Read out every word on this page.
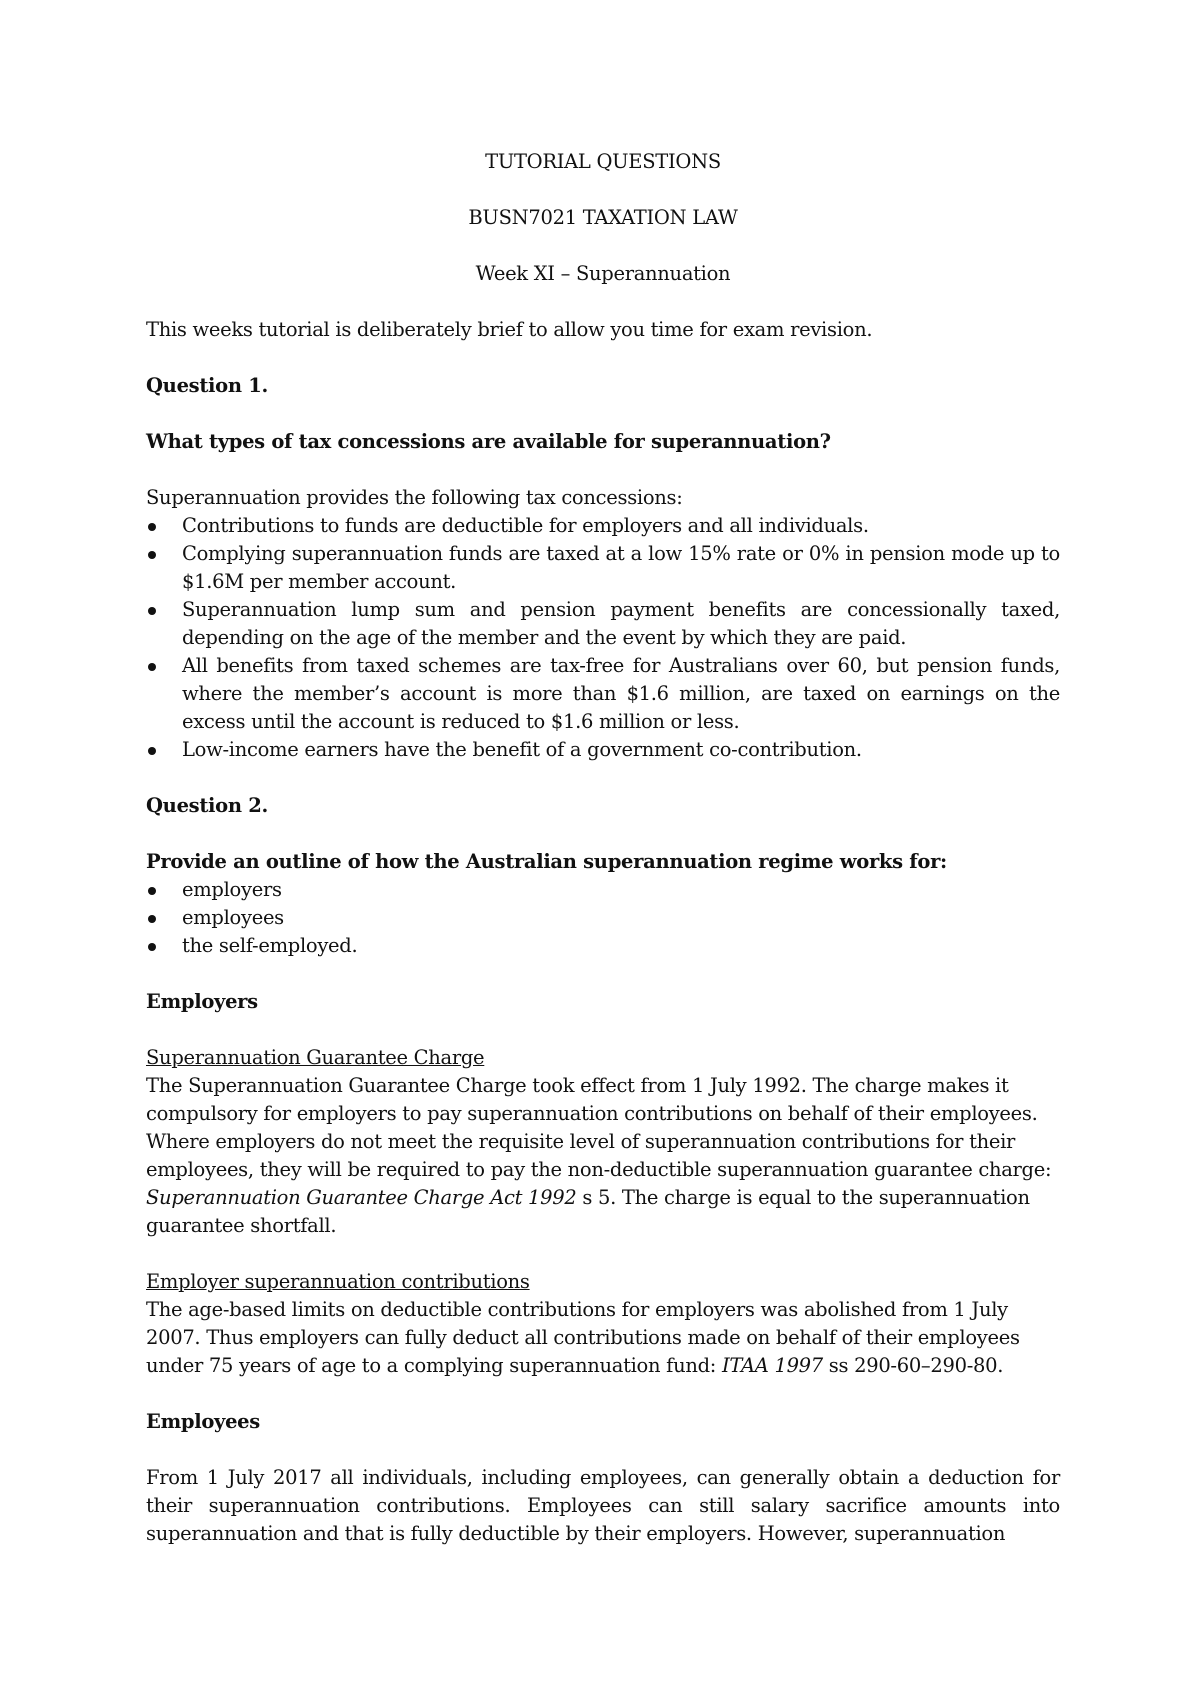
TUTORIAL QUESTIONS
BUSN7021 TAXATION LAW
Week XI – Superannuation

This weeks tutorial is deliberately brief to allow you time for exam revision.

Question 1.

What types of tax concessions are available for superannuation?

Superannuation provides the following tax concessions:

Contributions to funds are deductible for employers and all individuals.
Complying superannuation funds are taxed at a low 15% rate or 0% in pension mode up to $1.6M per member account.
Superannuation lump sum and pension payment benefits are concessionally taxed, depending on the age of the member and the event by which they are paid.
All benefits from taxed schemes are tax-free for Australians over 60, but pension funds, where the member’s account is more than $1.6 million, are taxed on earnings on the excess until the account is reduced to $1.6 million or less.
Low-income earners have the benefit of a government co-contribution.

Question 2.

Provide an outline of how the Australian superannuation regime works for:

employers
employees
the self-employed.

Employers

Superannuation Guarantee Charge
The Superannuation Guarantee Charge took effect from 1 July 1992. The charge makes it compulsory for employers to pay superannuation contributions on behalf of their employees. Where employers do not meet the requisite level of superannuation contributions for their employees, they will be required to pay the non-deductible superannuation guarantee charge: Superannuation Guarantee Charge Act 1992 s 5. The charge is equal to the superannuation guarantee shortfall.

Employer superannuation contributions
The age-based limits on deductible contributions for employers was abolished from 1 July 2007. Thus employers can fully deduct all contributions made on behalf of their employees under 75 years of age to a complying superannuation fund: ITAA 1997 ss 290-60–290-80.

Employees

From 1 July 2017 all individuals, including employees, can generally obtain a deduction for their superannuation contributions. Employees can still salary sacrifice amounts into superannuation and that is fully deductible by their employers. However, superannuation
